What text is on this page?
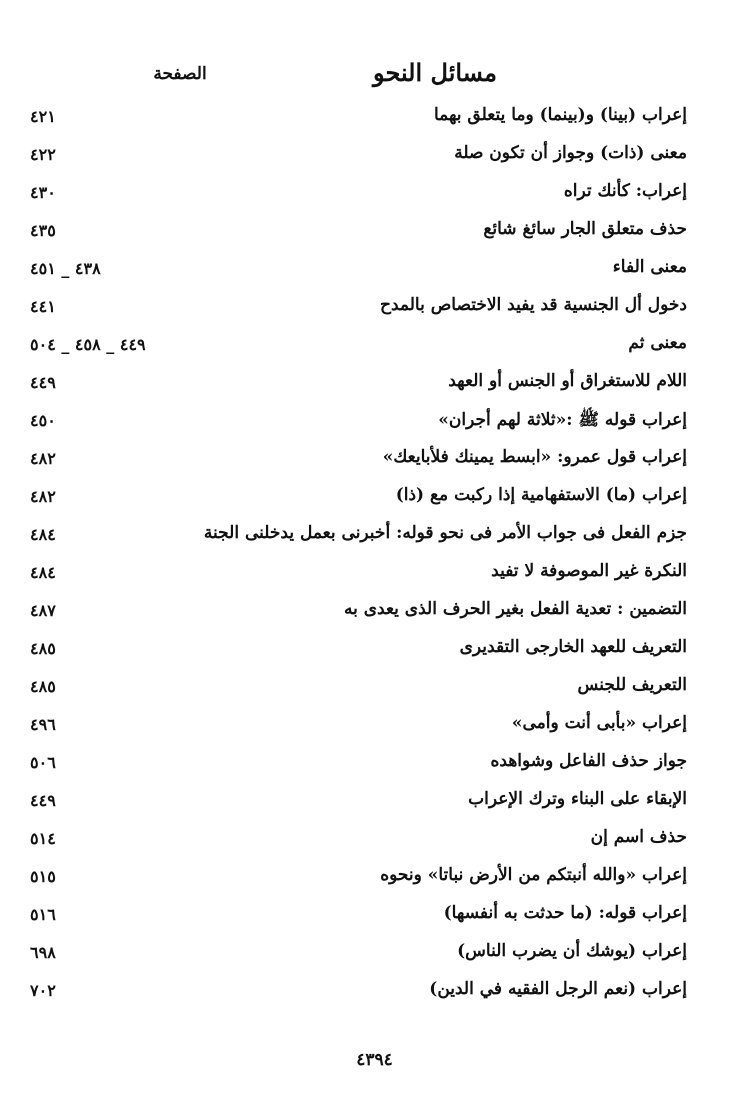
مسائل النحو
الصفحة
إعراب (بينا) و(بينما) وما يتعلق بهما
٤٢١
معنى (ذات) وجواز أن تكون صلة
٤٢٢
إعراب: كأنك تراه
٤٣٠
حذف متعلق الجار سائغ شائع
٤٣٥
معنى الفاء
٤٣٨ _ ٤٥١
دخول أل الجنسية قد يفيد الاختصاص بالمدح
٤٤١
معنى ثم
٤٤٩ _ ٤٥٨ _ ٥٠٤
اللام للاستغراق أو الجنس أو العهد
٤٤٩
إعراب قوله ﷺ :«ثلاثة لهم أجران»
٤٥٠
إعراب قول عمرو: «ابسط يمينك فلأبايعك»
٤٨٢
إعراب (ما) الاستفهامية إذا ركبت مع (ذا)
٤٨٢
جزم الفعل فى جواب الأمر فى نحو قوله: أخبرنى بعمل يدخلنى الجنة
٤٨٤
النكرة غير الموصوفة لا تفيد
٤٨٤
التضمين : تعدية الفعل بغير الحرف الذى يعدى به
٤٨٧
التعريف للعهد الخارجى التقديرى
٤٨٥
التعريف للجنس
٤٨٥
إعراب «بأبى أنت وأمى»
٤٩٦
جواز حذف الفاعل وشواهده
٥٠٦
الإبقاء على البناء وترك الإعراب
٤٤٩
حذف اسم إن
٥١٤
إعراب «والله أنبتكم من الأرض نباتا» ونحوه
٥١٥
إعراب قوله: (ما حدثت به أنفسها)
٥١٦
إعراب (يوشك أن يضرب الناس)
٦٩٨
إعراب (نعم الرجل الفقيه في الدين)
٧٠٢
٤٣٩٤
